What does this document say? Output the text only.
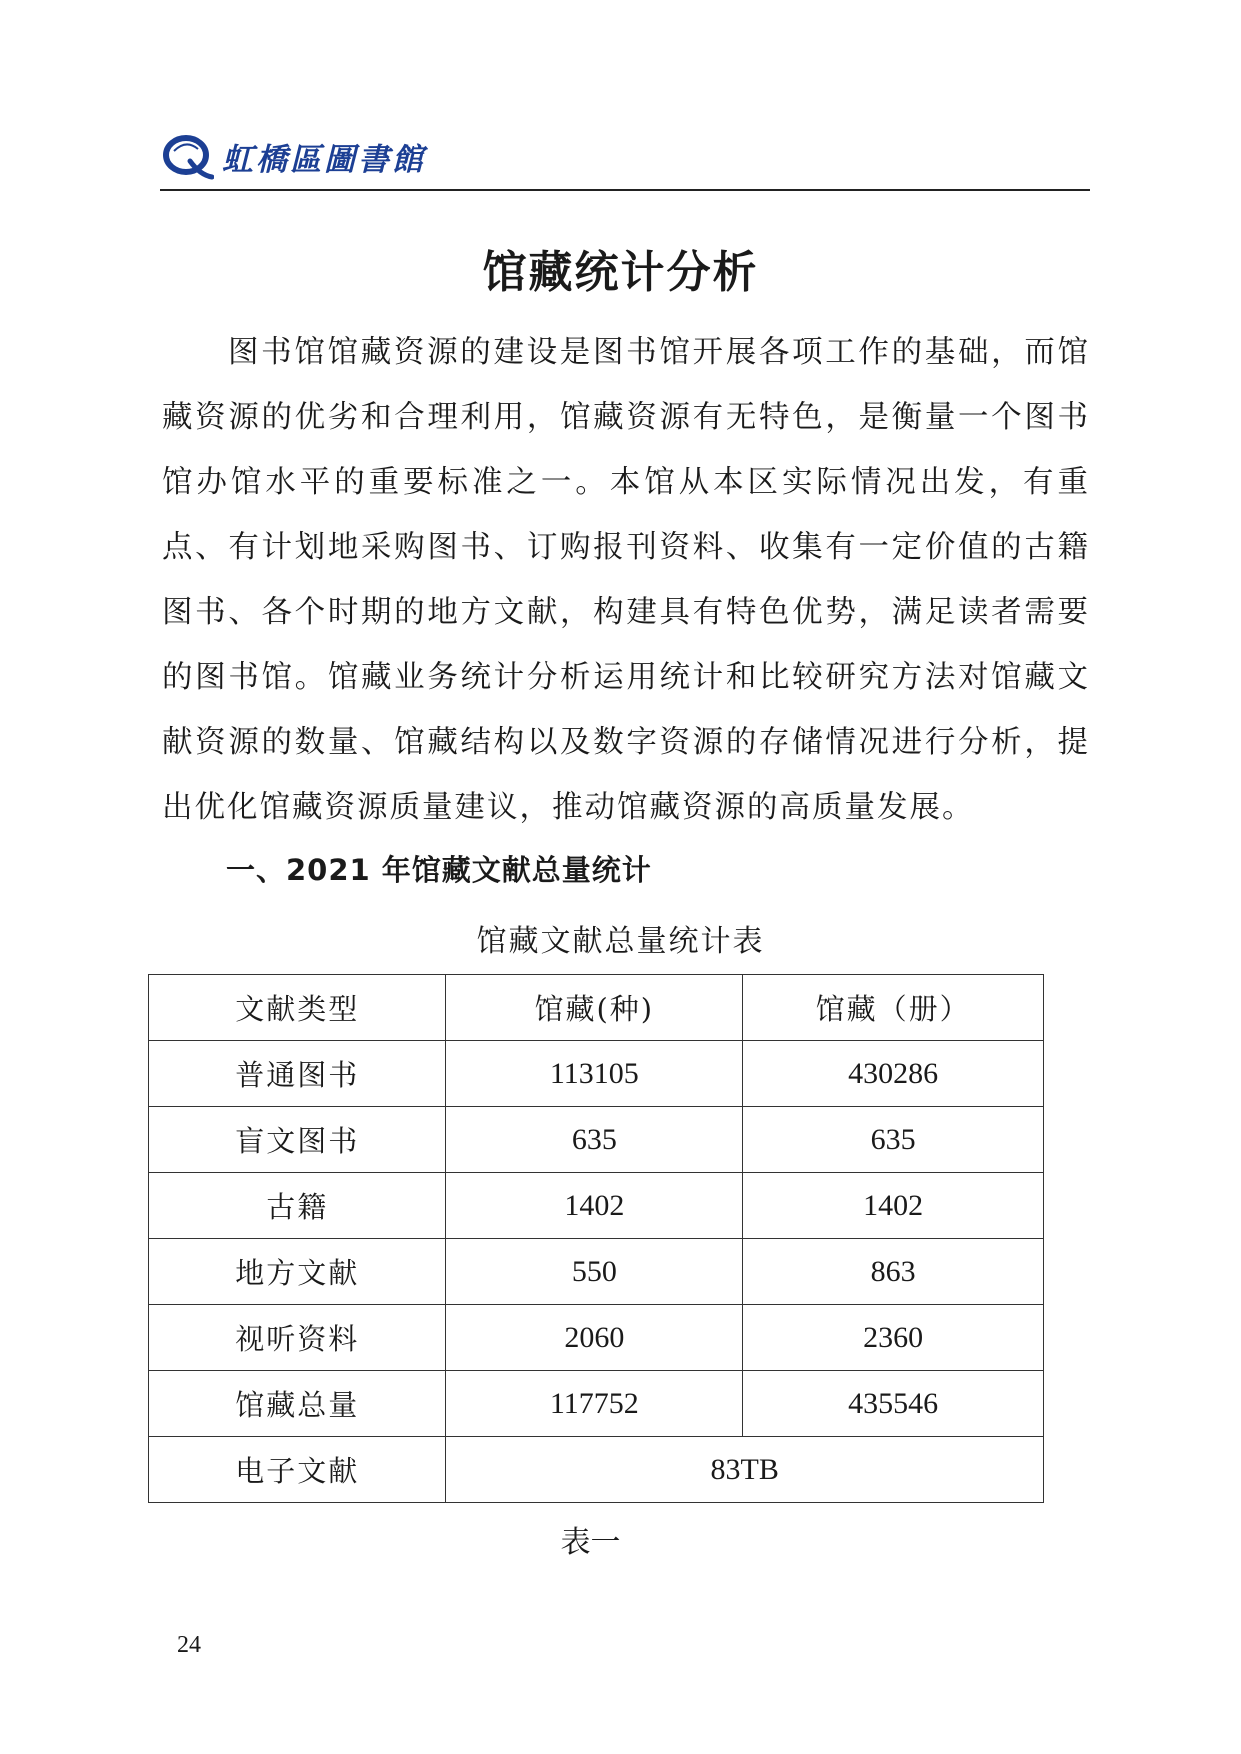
虹橋區圖書館
馆藏统计分析
图书馆馆藏资源的建设是图书馆开展各项工作的基础，而馆藏资源的优劣和合理利用，馆藏资源有无特色，是衡量一个图书馆办馆水平的重要标准之一。本馆从本区实际情况出发，有重点、有计划地采购图书、订购报刊资料、收集有一定价值的古籍图书、各个时期的地方文献，构建具有特色优势，满足读者需要的图书馆。馆藏业务统计分析运用统计和比较研究方法对馆藏文献资源的数量、馆藏结构以及数字资源的存储情况进行分析，提出优化馆藏资源质量建议，推动馆藏资源的高质量发展。
一、2021 年馆藏文献总量统计
馆藏文献总量统计表
文献类型	馆藏(种)	馆藏（册）
普通图书	113105	430286
盲文图书	635	635
古籍	1402	1402
地方文献	550	863
视听资料	2060	2360
馆藏总量	117752	435546
电子文献	83TB	
表一
24
